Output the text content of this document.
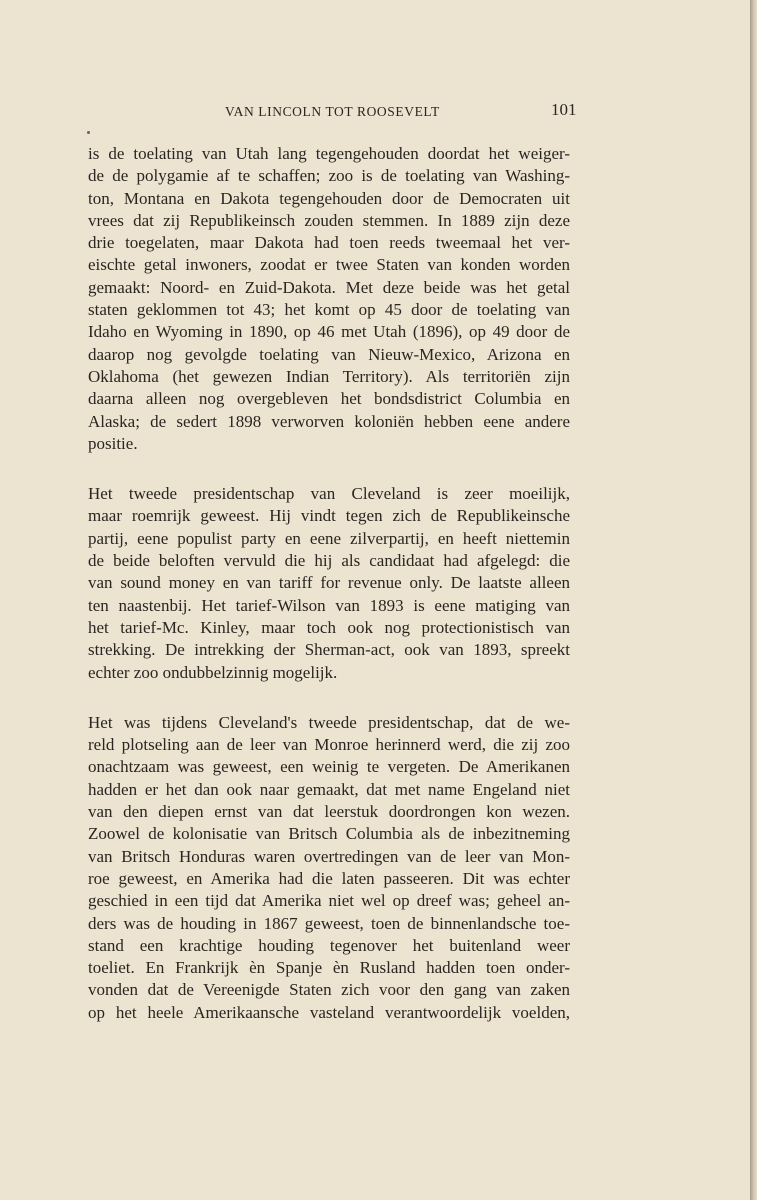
VAN LINCOLN TOT ROOSEVELT	101

is de toelating van Utah lang tegengehouden doordat het weiger-
de de polygamie af te schaffen; zoo is de toelating van Washing-
ton, Montana en Dakota tegengehouden door de Democraten uit
vrees dat zij Republikeinsch zouden stemmen. In 1889 zijn deze
drie toegelaten, maar Dakota had toen reeds tweemaal het ver-
eischte getal inwoners, zoodat er twee Staten van konden worden
gemaakt: Noord- en Zuid-Dakota. Met deze beide was het getal
staten geklommen tot 43; het komt op 45 door de toelating van
Idaho en Wyoming in 1890, op 46 met Utah (1896), op 49 door de
daarop nog gevolgde toelating van Nieuw-Mexico, Arizona en
Oklahoma (het gewezen Indian Territory). Als territoriën zijn
daarna alleen nog overgebleven het bondsdistrict Columbia en
Alaska; de sedert 1898 verworven koloniën hebben eene andere
positie.

Het tweede presidentschap van Cleveland is zeer moeilijk,
maar roemrijk geweest. Hij vindt tegen zich de Republikeinsche
partij, eene populist party en eene zilverpartij, en heeft niettemin
de beide beloften vervuld die hij als candidaat had afgelegd: die
van sound money en van tariff for revenue only. De laatste alleen
ten naastenbij. Het tarief-Wilson van 1893 is eene matiging van
het tarief-Mc. Kinley, maar toch ook nog protectionistisch van
strekking. De intrekking der Sherman-act, ook van 1893, spreekt
echter zoo ondubbelzinnig mogelijk.

Het was tijdens Cleveland's tweede presidentschap, dat de we-
reld plotseling aan de leer van Monroe herinnerd werd, die zij zoo
onachtzaam was geweest, een weinig te vergeten. De Amerikanen
hadden er het dan ook naar gemaakt, dat met name Engeland niet
van den diepen ernst van dat leerstuk doordrongen kon wezen.
Zoowel de kolonisatie van Britsch Columbia als de inbezitneming
van Britsch Honduras waren overtredingen van de leer van Mon-
roe geweest, en Amerika had die laten passeeren. Dit was echter
geschied in een tijd dat Amerika niet wel op dreef was; geheel an-
ders was de houding in 1867 geweest, toen de binnenlandsche toe-
stand een krachtige houding tegenover het buitenland weer
toeliet. En Frankrijk èn Spanje èn Rusland hadden toen onder-
vonden dat de Vereenigde Staten zich voor den gang van zaken
op het heele Amerikaansche vasteland verantwoordelijk voelden,
